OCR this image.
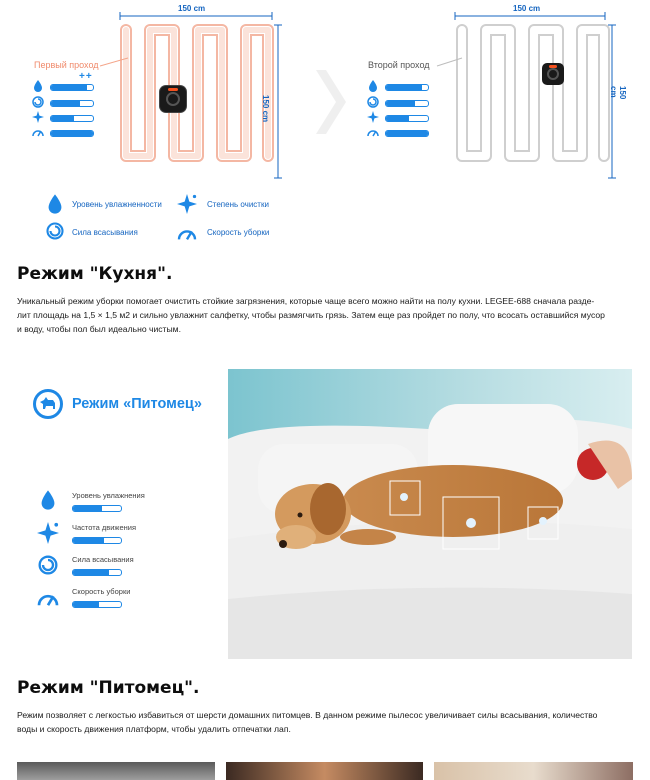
150 cm
150 cm
150 cm
150 cm
Первый проход	Второй проход
++
Уровень увлажненности	Степень очистки
Сила всасывания	Скорость уборки
Режим "Кухня".
Уникальный режим уборки помогает очистить стойкие загрязнения, которые чаще всего можно найти на полу кухни. LEGEE-688 сначала разде-
лит площадь на 1,5 × 1,5 м2 и сильно увлажнит салфетку, чтобы размягчить грязь. Затем еще раз пройдет по полу, что всосать оставшийся мусор
и воду, чтобы пол был идеально чистым.
Режим «Питомец»
Уровень увлажнения
Частота движения
Сила всасывания
Скорость уборки
Режим "Питомец".
Режим позволяет с легкостью избавиться от шерсти домашних питомцев. В данном режиме пылесос увеличивает силы всасывания, количество
воды и скорость движения платформ, чтобы удалить отпечатки лап.
